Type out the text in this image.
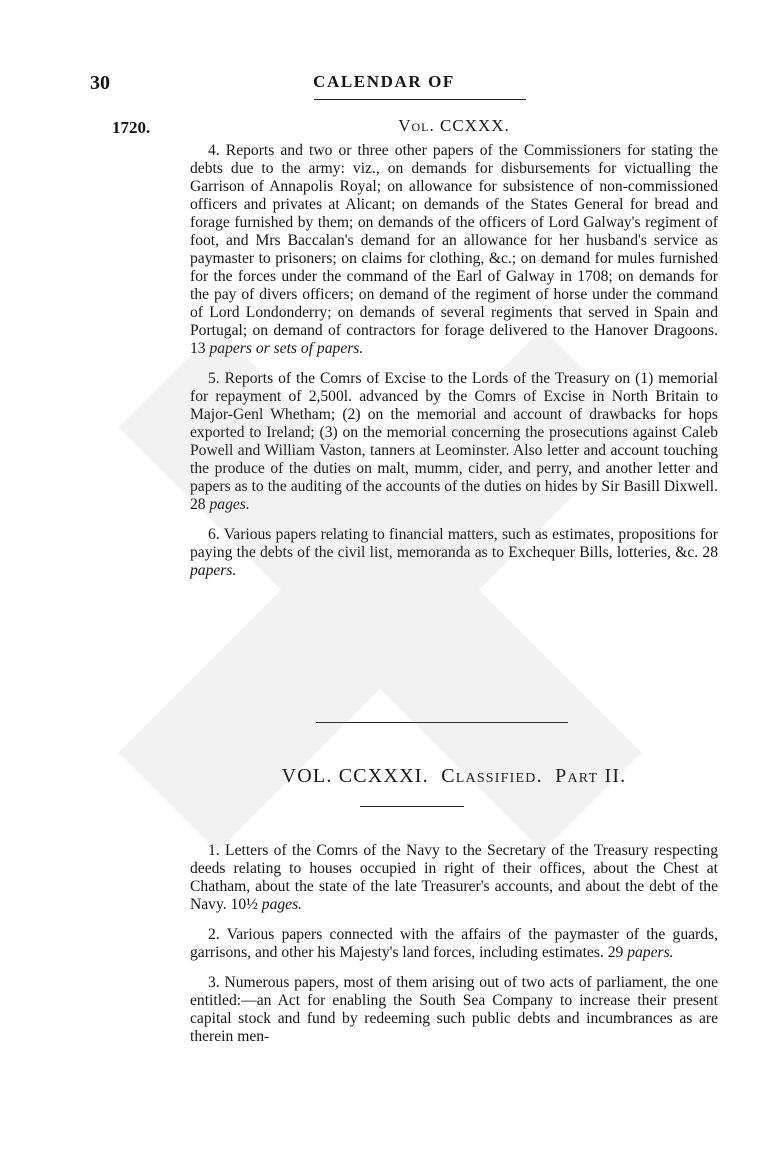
30	CALENDAR OF
1720.	Vol. CCXXX.

4. Reports and two or three other papers of the Commissioners for stating the debts due to the army: viz., on demands for disbursements for victualling the Garrison of Annapolis Royal; on allowance for subsistence of non-commissioned officers and privates at Alicant; on demands of the States General for bread and forage furnished by them; on demands of the officers of Lord Galway's regiment of foot, and Mrs Baccalan's demand for an allowance for her husband's service as paymaster to prisoners; on claims for clothing, &c.; on demand for mules furnished for the forces under the command of the Earl of Galway in 1708; on demands for the pay of divers officers; on demand of the regiment of horse under the command of Lord Londonderry; on demands of several regiments that served in Spain and Portugal; on demand of contractors for forage delivered to the Hanover Dragoons. 13 papers or sets of papers.

5. Reports of the Comrs of Excise to the Lords of the Treasury on (1) memorial for repayment of 2,500l. advanced by the Comrs of Excise in North Britain to Major-Genl Whetham; (2) on the memorial and account of drawbacks for hops exported to Ireland; (3) on the memorial concerning the prosecutions against Caleb Powell and William Vaston, tanners at Leominster. Also letter and account touching the produce of the duties on malt, mumm, cider, and perry, and another letter and papers as to the auditing of the accounts of the duties on hides by Sir Basill Dixwell. 28 pages.

6. Various papers relating to financial matters, such as estimates, propositions for paying the debts of the civil list, memoranda as to Exchequer Bills, lotteries, &c. 28 papers.

VOL. CCXXXI. Classified. Part II.

1. Letters of the Comrs of the Navy to the Secretary of the Treasury respecting deeds relating to houses occupied in right of their offices, about the Chest at Chatham, about the state of the late Treasurer's accounts, and about the debt of the Navy. 10½ pages.

2. Various papers connected with the affairs of the paymaster of the guards, garrisons, and other his Majesty's land forces, including estimates. 29 papers.

3. Numerous papers, most of them arising out of two acts of parliament, the one entitled:—an Act for enabling the South Sea Company to increase their present capital stock and fund by redeeming such public debts and incumbrances as are therein men-
